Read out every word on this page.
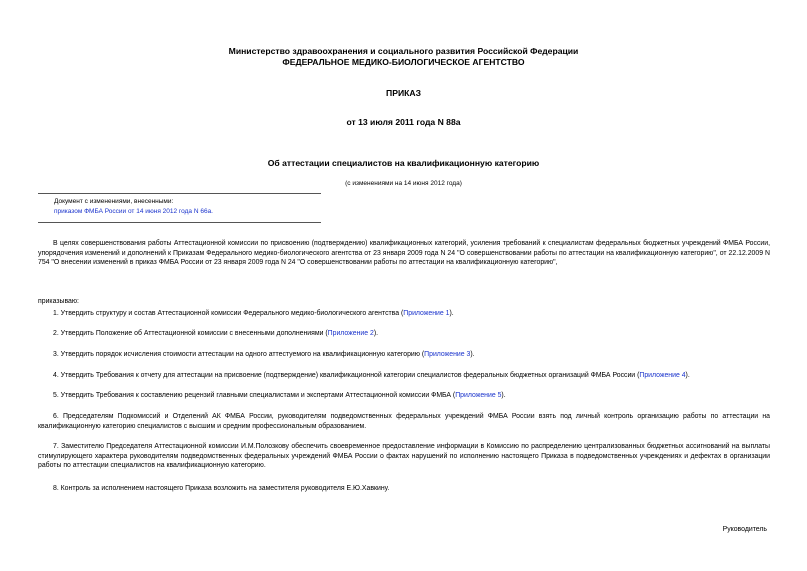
Министерство здравоохранения и социального развития Российской Федерации
ФЕДЕРАЛЬНОЕ МЕДИКО-БИОЛОГИЧЕСКОЕ АГЕНТСТВО
ПРИКАЗ
от 13 июля 2011 года N 88а
Об аттестации специалистов на квалификационную категорию
(с изменениями на 14 июня 2012 года)
Документ с изменениями, внесенными:
приказом ФМБА России от 14 июня 2012 года N 66а.
В целях совершенствования работы Аттестационной комиссии по присвоению (подтверждению) квалификационных категорий, усиления требований к специалистам федеральных бюджетных учреждений ФМБА России, упорядочения изменений и дополнений к Приказам Федерального медико-биологического агентства от 23 января 2009 года N 24 "О совершенствовании работы по аттестации на квалификационную категорию", от 22.12.2009 N 754 "О внесении изменений в приказ ФМБА России от 23 января 2009 года N 24 "О совершенствовании работы по аттестации на квалификационную категорию",
приказываю:
1. Утвердить структуру и состав Аттестационной комиссии Федерального медико-биологического агентства (Приложение 1).
2. Утвердить Положение об Аттестационной комиссии с внесенными дополнениями (Приложение 2).
3. Утвердить порядок исчисления стоимости аттестации на одного аттестуемого на квалификационную категорию (Приложение 3).
4. Утвердить Требования к отчету для аттестации на присвоение (подтверждение) квалификационной категории специалистов федеральных бюджетных организаций ФМБА России (Приложение 4).
5. Утвердить Требования к составлению рецензий главными специалистами и экспертами Аттестационной комиссии ФМБА (Приложение 5).
6. Председателям Подкомиссий и Отделений АК ФМБА России, руководителям подведомственных федеральных учреждений ФМБА России взять под личный контроль организацию работы по аттестации на квалификационную категорию специалистов с высшим и средним профессиональным образованием.
7. Заместителю Председателя Аттестационной комиссии И.М.Полозкову обеспечить своевременное предоставление информации в Комиссию по распределению централизованных бюджетных ассигнований на выплаты стимулирующего характера руководителям подведомственных федеральных учреждений ФМБА России о фактах нарушений по исполнению настоящего Приказа в подведомственных учреждениях и дефектах в организации работы по аттестации специалистов на квалификационную категорию.
8. Контроль за исполнением настоящего Приказа возложить на заместителя руководителя Е.Ю.Хавкину.
Руководитель
